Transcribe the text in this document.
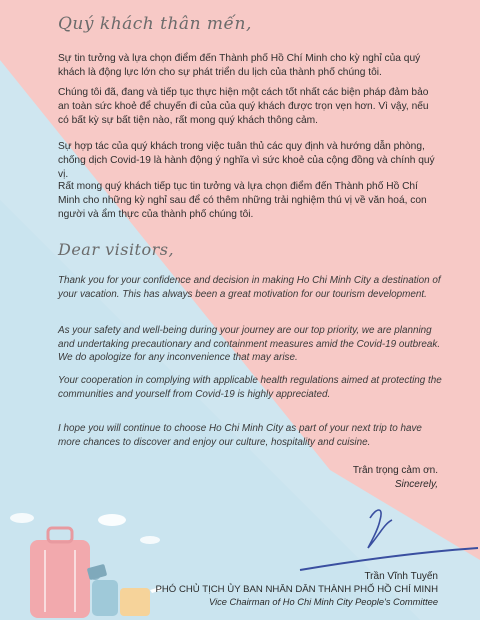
Quý khách thân mến,

Sự tin tưởng và lựa chọn điểm đến Thành phố Hồ Chí Minh cho kỳ nghỉ của quý khách là động lực lớn cho sự phát triển du lịch của thành phố chúng tôi.

Chúng tôi đã, đang và tiếp tục thực hiện một cách tốt nhất các biện pháp đảm bảo an toàn sức khoẻ để chuyến đi của của quý khách được trọn vẹn hơn. Vì vậy, nếu có bất kỳ sự bất tiện nào, rất mong quý khách thông cảm.

Sự hợp tác của quý khách trong việc tuân thủ các quy định và hướng dẫn phòng, chống dịch Covid-19 là hành động ý nghĩa vì sức khoẻ của cộng đồng và chính quý vị.

Rất mong quý khách tiếp tục tin tưởng và lựa chọn điểm đến Thành phố Hồ Chí Minh cho những kỳ nghỉ sau để có thêm những trải nghiệm thú vị về văn hoá, con người và ẩm thực của thành phố chúng tôi.

Dear visitors,

Thank you for your confidence and decision in making Ho Chi Minh City a destination of your vacation. This has always been a great motivation for our tourism development.

As your safety and well-being during your journey are our top priority, we are planning and undertaking precautionary and containment measures amid the Covid-19 outbreak. We do apologize for any inconvenience that may arise.

Your cooperation in complying with applicable health regulations aimed at protecting the communities and yourself from Covid-19 is highly appreciated.

I hope you will continue to choose Ho Chi Minh City as part of your next trip to have more chances to discover and enjoy our culture, hospitality and cuisine.

Trân trọng cảm ơn.
Sincerely,
Trần Vĩnh Tuyến
PHÓ CHỦ TỊCH ỦY BAN NHÂN DÂN THÀNH PHỐ HỒ CHÍ MINH
Vice Chairman of Ho Chi Minh City People's Committee
